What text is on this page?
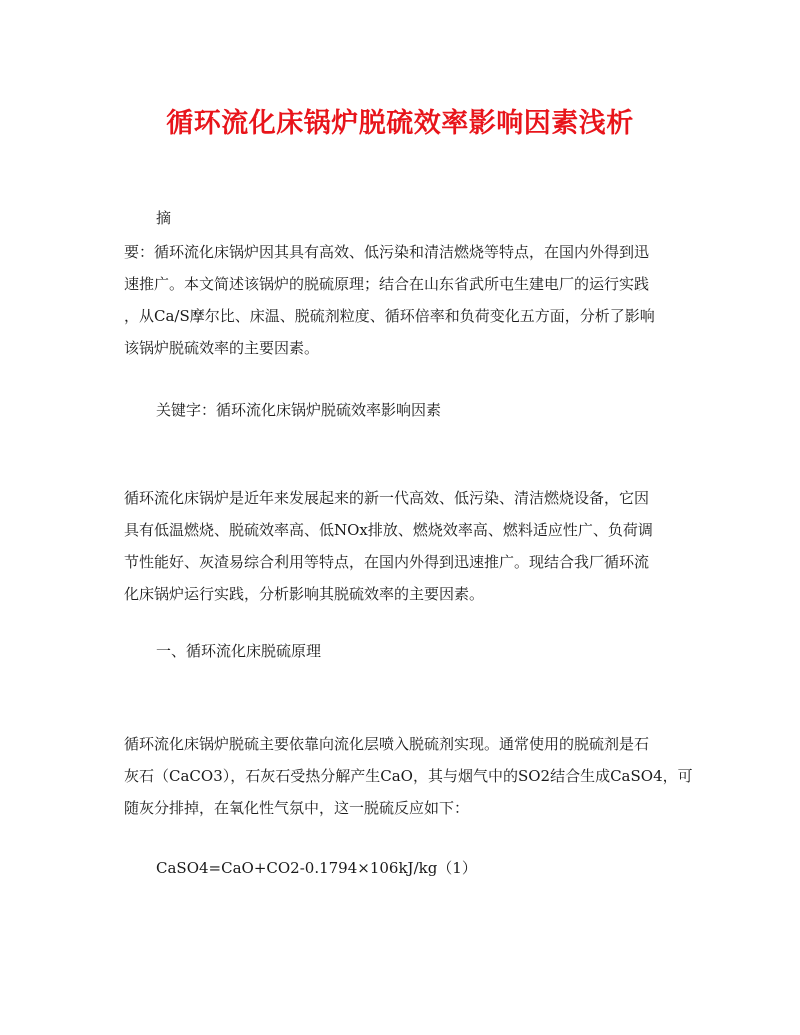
循环流化床锅炉脱硫效率影响因素浅析
摘
要：循环流化床锅炉因其具有高效、低污染和清洁燃烧等特点，在国内外得到迅
速推广。本文简述该锅炉的脱硫原理；结合在山东省武所屯生建电厂的运行实践
，从Ca/S摩尔比、床温、脱硫剂粒度、循环倍率和负荷变化五方面，分析了影响
该锅炉脱硫效率的主要因素。
关键字：循环流化床锅炉脱硫效率影响因素
循环流化床锅炉是近年来发展起来的新一代高效、低污染、清洁燃烧设备，它因
具有低温燃烧、脱硫效率高、低NOx排放、燃烧效率高、燃料适应性广、负荷调
节性能好、灰渣易综合利用等特点，在国内外得到迅速推广。现结合我厂循环流
化床锅炉运行实践，分析影响其脱硫效率的主要因素。
一、循环流化床脱硫原理
循环流化床锅炉脱硫主要依靠向流化层喷入脱硫剂实现。通常使用的脱硫剂是石
灰石（CaCO3），石灰石受热分解产生CaO，其与烟气中的SO2结合生成CaSO4，可
随灰分排掉，在氧化性气氛中，这一脱硫反应如下：
CaSO4=CaO+CO2-0.1794×106kJ/kg（1）
